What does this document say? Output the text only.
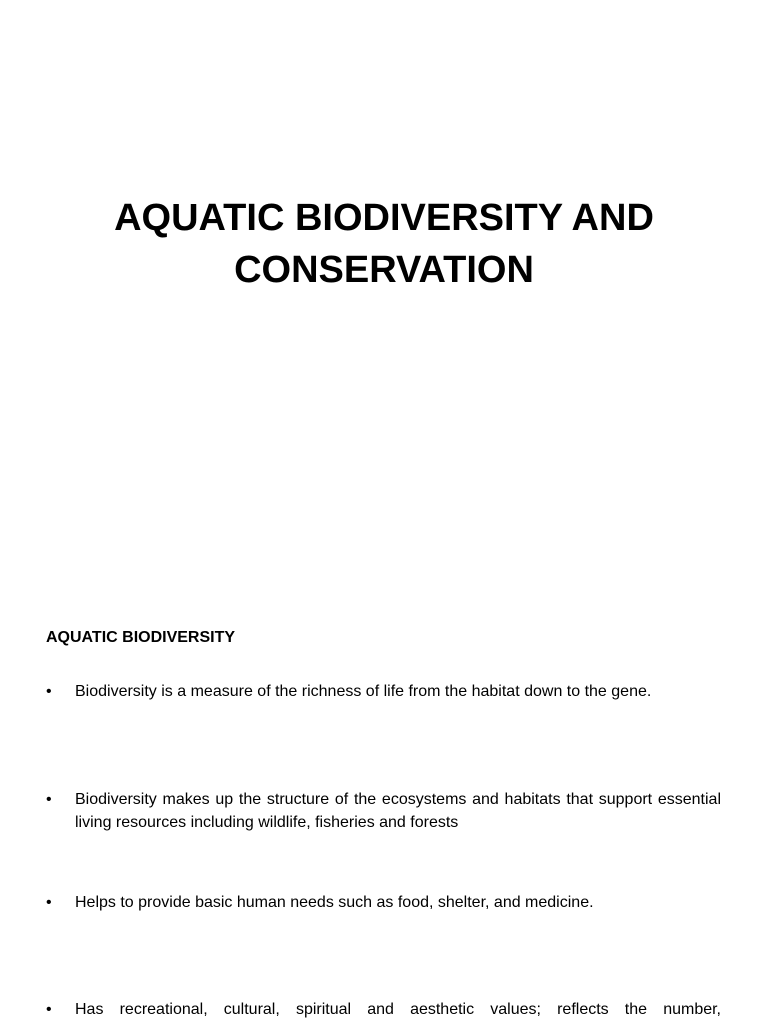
AQUATIC BIODIVERSITY AND
CONSERVATION
AQUATIC BIODIVERSITY
•	Biodiversity is a measure of the richness of life from the habitat down to the gene.
•	Biodiversity makes up the structure of the ecosystems and habitats that support essential living resources including wildlife, fisheries and forests
•	Helps to provide basic human needs such as food, shelter, and medicine.
•	Has recreational, cultural, spiritual and aesthetic values; reflects the number,
